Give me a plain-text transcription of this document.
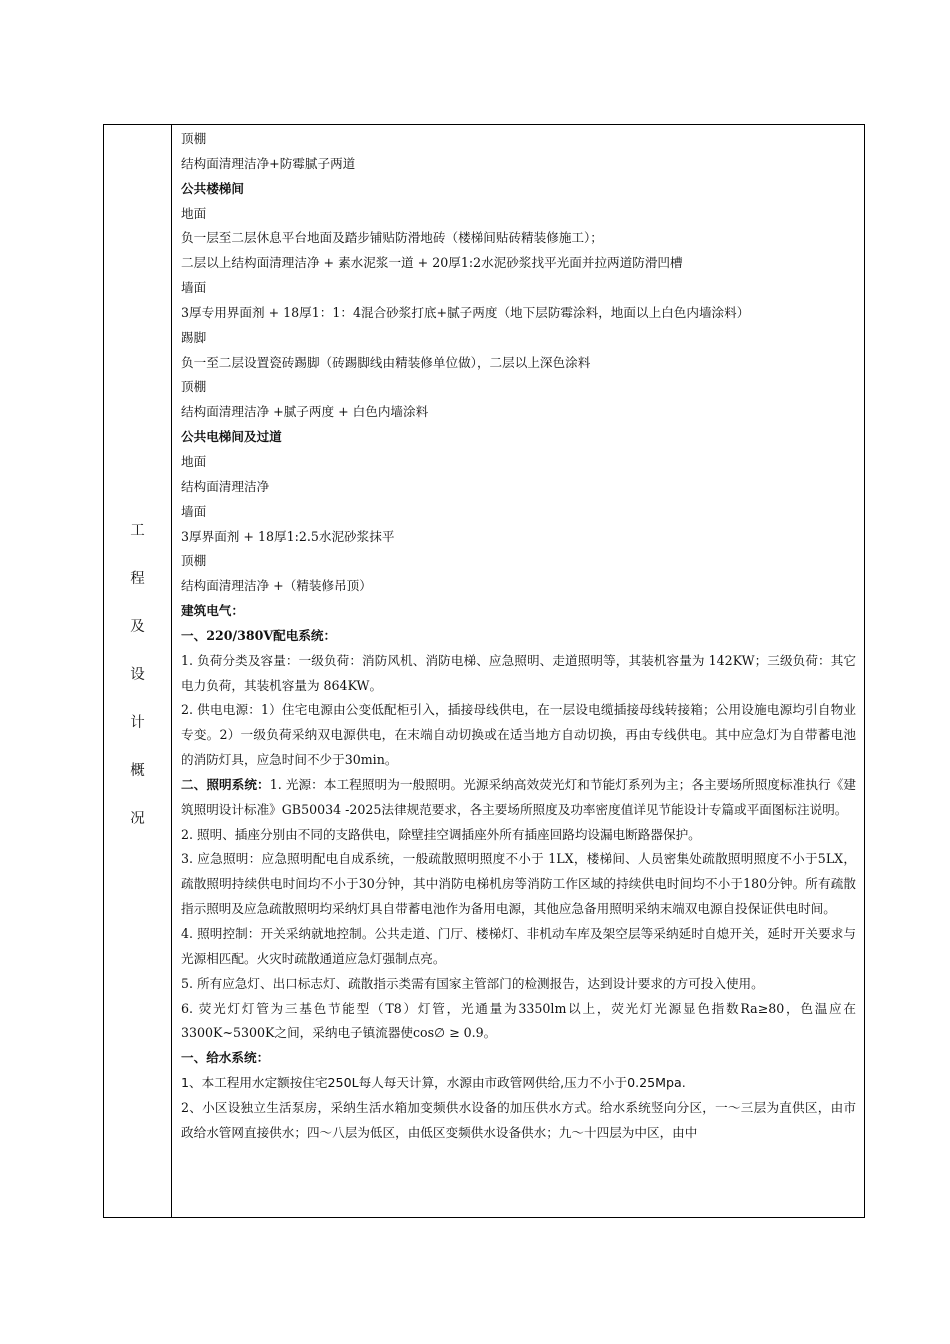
工
程
及
设
计
概
况
顶棚
结构面清理洁净+防霉腻子两道
公共楼梯间
地面
负一层至二层休息平台地面及踏步铺贴防滑地砖（楼梯间贴砖精装修施工）；
二层以上结构面清理洁净 + 素水泥浆一道 + 20厚1:2水泥砂浆找平光面并拉两道防滑凹槽
墙面
3厚专用界面剂 + 18厚1：1：4混合砂浆打底+腻子两度（地下层防霉涂料，地面以上白色内墙涂料）
踢脚
负一至二层设置瓷砖踢脚（砖踢脚线由精装修单位做），二层以上深色涂料
顶棚
结构面清理洁净 +腻子两度 + 白色内墙涂料
公共电梯间及过道
地面
结构面清理洁净
墙面
3厚界面剂 + 18厚1:2.5水泥砂浆抹平
顶棚
结构面清理洁净 +（精装修吊顶）
建筑电气：
一、220/380V配电系统：
1. 负荷分类及容量：一级负荷：消防风机、消防电梯、应急照明、走道照明等，其装机容量为 142KW；三级负荷：其它电力负荷，其装机容量为 864KW。
2. 供电电源：1）住宅电源由公变低配柜引入，插接母线供电，在一层设电缆插接母线转接箱；公用设施电源均引自物业专变。2）一级负荷采纳双电源供电，在末端自动切换或在适当地方自动切换，再由专线供电。其中应急灯为自带蓄电池的消防灯具，应急时间不少于30min。
二、照明系统：1. 光源：本工程照明为一般照明。光源采纳高效荧光灯和节能灯系列为主；各主要场所照度标准执行《建筑照明设计标准》GB50034 -2025法律规范要求，各主要场所照度及功率密度值详见节能设计专篇或平面图标注说明。
2. 照明、插座分别由不同的支路供电，除壁挂空调插座外所有插座回路均设漏电断路器保护。
3. 应急照明：应急照明配电自成系统，一般疏散照明照度不小于 1LX，楼梯间、人员密集处疏散照明照度不小于5LX，疏散照明持续供电时间均不小于30分钟，其中消防电梯机房等消防工作区域的持续供电时间均不小于180分钟。所有疏散指示照明及应急疏散照明均采纳灯具自带蓄电池作为备用电源，其他应急备用照明采纳末端双电源自投保证供电时间。
4. 照明控制：开关采纳就地控制。公共走道、门厅、楼梯灯、非机动车库及架空层等采纳延时自熄开关，延时开关要求与光源相匹配。火灾时疏散通道应急灯强制点亮。
5. 所有应急灯、出口标志灯、疏散指示类需有国家主管部门的检测报告，达到设计要求的方可投入使用。
6. 荧光灯灯管为三基色节能型（T8）灯管，光通量为3350lm以上，荧光灯光源显色指数Ra≥80，色温应在3300K~5300K之间，采纳电子镇流器使cos∅ ≥ 0.9。
一、给水系统：
1、本工程用水定额按住宅250L每人每天计算，水源由市政管网供给,压力不小于0.25Mpa.
2、小区设独立生活泵房，采纳生活水箱加变频供水设备的加压供水方式。给水系统竖向分区，一～三层为直供区，由市政给水管网直接供水；四～八层为低区，由低区变频供水设备供水；九～十四层为中区，由中
